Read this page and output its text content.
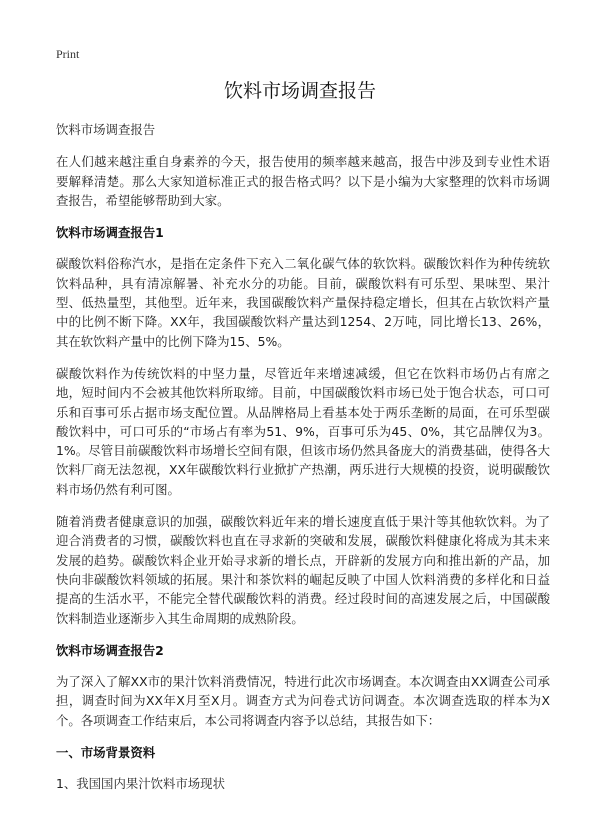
Print
饮料市场调查报告

饮料市场调查报告

在人们越来越注重自身素养的今天，报告使用的频率越来越高，报告中涉及到专业性术语要解释清楚。那么大家知道标准正式的报告格式吗？以下是小编为大家整理的饮料市场调查报告，希望能够帮助到大家。

饮料市场调查报告1

碳酸饮料俗称汽水，是指在定条件下充入二氧化碳气体的软饮料。碳酸饮料作为种传统软饮料品种，具有清凉解暑、补充水分的功能。目前，碳酸饮料有可乐型、果味型、果汁型、低热量型，其他型。近年来，我国碳酸饮料产量保持稳定增长，但其在占软饮料产量中的比例不断下降。XX年，我国碳酸饮料产量达到1254、2万吨，同比增长13、26%，其在软饮料产量中的比例下降为15、5%。

碳酸饮料作为传统饮料的中坚力量，尽管近年来增速减缓，但它在饮料市场仍占有席之地，短时间内不会被其他饮料所取缔。目前，中国碳酸饮料市场已处于饱合状态，可口可乐和百事可乐占据市场支配位置。从品牌格局上看基本处于两乐垄断的局面，在可乐型碳酸饮料中，可口可乐的“市场占有率为51、9%，百事可乐为45、0%，其它品牌仅为3。1%。尽管目前碳酸饮料市场增长空间有限，但该市场仍然具备庞大的消费基础，使得各大饮料厂商无法忽视，XX年碳酸饮料行业掀扩产热潮，两乐进行大规模的投资，说明碳酸饮料市场仍然有利可图。

随着消费者健康意识的加强，碳酸饮料近年来的增长速度直低于果汁等其他软饮料。为了迎合消费者的习惯，碳酸饮料也直在寻求新的突破和发展，碳酸饮料健康化将成为其未来发展的趋势。碳酸饮料企业开始寻求新的增长点，开辟新的发展方向和推出新的产品，加快向非碳酸饮料领域的拓展。果汁和茶饮料的崛起反映了中国人饮料消费的多样化和日益提高的生活水平，不能完全替代碳酸饮料的消费。经过段时间的高速发展之后，中国碳酸饮料制造业逐渐步入其生命周期的成熟阶段。

饮料市场调查报告2

为了深入了解XX市的果汁饮料消费情况，特进行此次市场调查。本次调查由XX调查公司承担，调查时间为XX年X月至X月。调查方式为问卷式访问调查。本次调查选取的样本为X个。各项调查工作结束后，本公司将调查内容予以总结，其报告如下：

一、市场背景资料

1、我国国内果汁饮料市场现状
